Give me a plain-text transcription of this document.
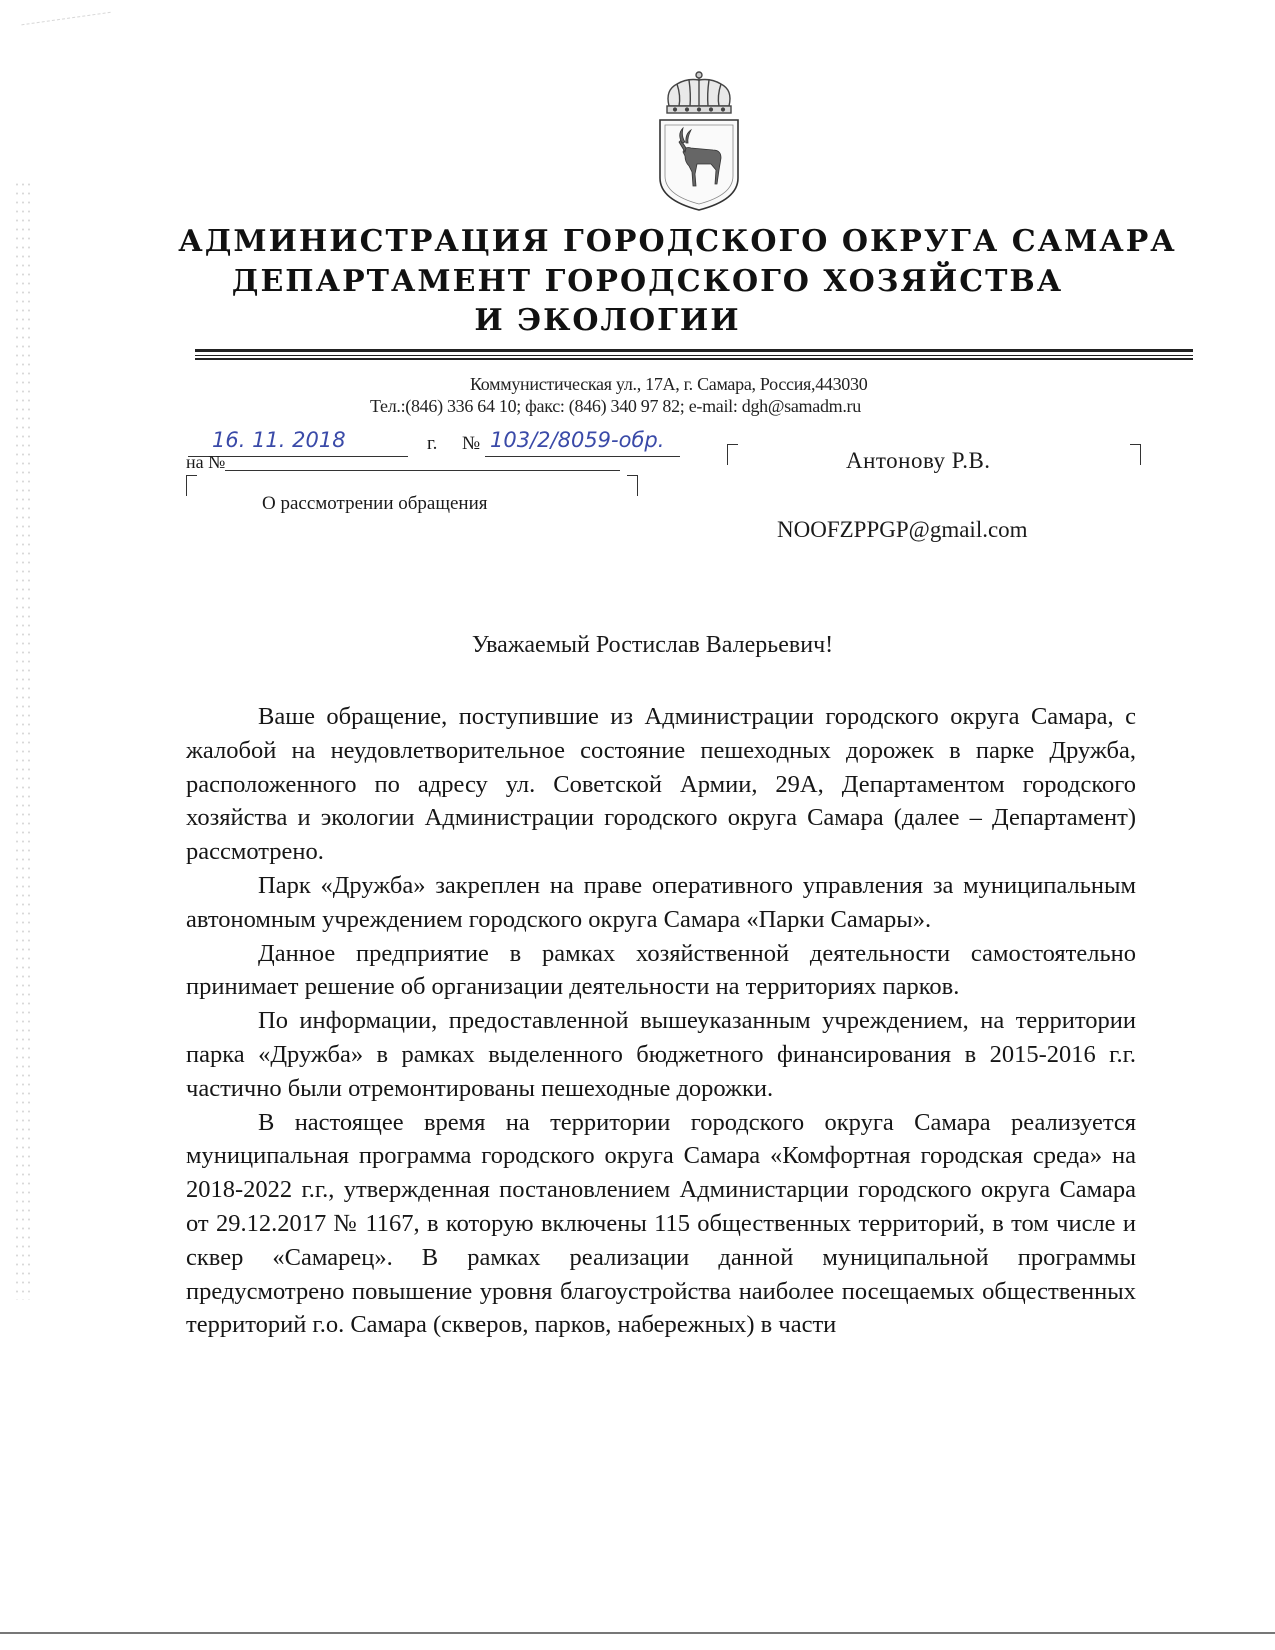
АДМИНИСТРАЦИЯ ГОРОДСКОГО ОКРУГА САМАРА
ДЕПАРТАМЕНТ ГОРОДСКОГО ХОЗЯЙСТВА
И ЭКОЛОГИИ
Коммунистическая ул., 17А, г. Самара, Россия,443030
Тел.:(846) 336 64 10; факс: (846) 340 97 82; e-mail: dgh@samadm.ru
16. 11. 2018	г. № 103/2/8059-обр.
на №
О рассмотрении обращения
Антонову Р.В.
NOOFZPPGP@gmail.com
Уважаемый Ростислав Валерьевич!

Ваше обращение, поступившие из Администрации городского округа Самара, с жалобой на неудовлетворительное состояние пешеходных дорожек в парке Дружба, расположенного по адресу ул. Советской Армии, 29А, Департаментом городского хозяйства и экологии Администрации городского округа Самара (далее – Департамент) рассмотрено.

Парк «Дружба» закреплен на праве оперативного управления за муниципальным автономным учреждением городского округа Самара «Парки Самары».

Данное предприятие в рамках хозяйственной деятельности самостоятельно принимает решение об организации деятельности на территориях парков.

По информации, предоставленной вышеуказанным учреждением, на территории парка «Дружба» в рамках выделенного бюджетного финансирования в 2015-2016 г.г. частично были отремонтированы пешеходные дорожки.

В настоящее время на территории городского округа Самара реализуется муниципальная программа городского округа Самара «Комфортная городская среда» на 2018-2022 г.г., утвержденная постановлением Администарции городского округа Самара от 29.12.2017 № 1167, в которую включены 115 общественных территорий, в том числе и сквер «Самарец». В рамках реализации данной муниципальной программы предусмотрено повышение уровня благоустройства наиболее посещаемых общественных территорий г.о. Самара (скверов, парков, набережных) в части
